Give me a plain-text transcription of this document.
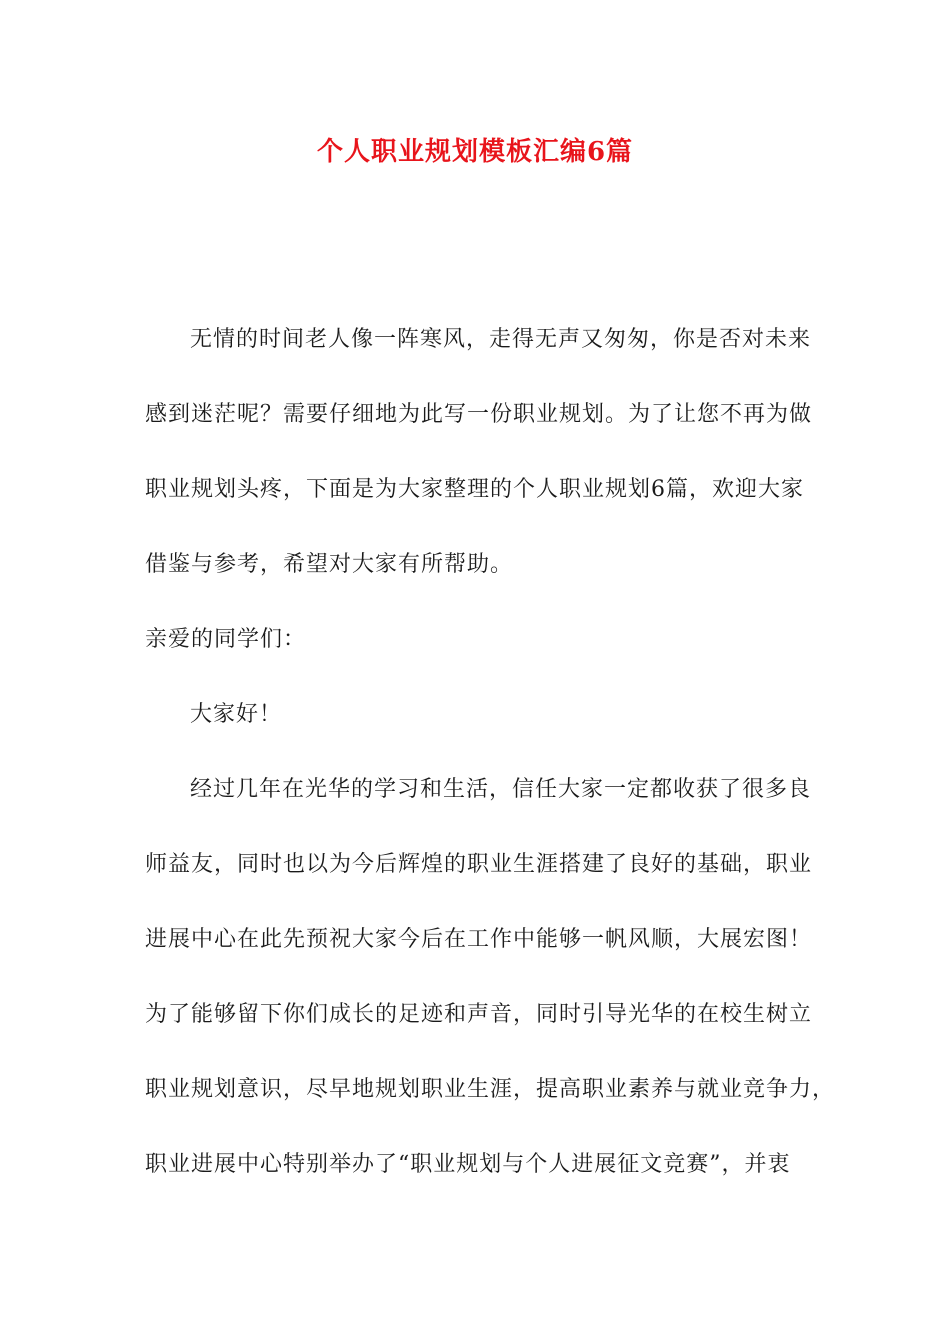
个人职业规划模板汇编6篇
无情的时间老人像一阵寒风，走得无声又匆匆，你是否对未来
感到迷茫呢？需要仔细地为此写一份职业规划。为了让您不再为做
职业规划头疼，下面是为大家整理的个人职业规划6篇，欢迎大家
借鉴与参考，希望对大家有所帮助。
亲爱的同学们：
大家好！
经过几年在光华的学习和生活，信任大家一定都收获了很多良
师益友，同时也以为今后辉煌的职业生涯搭建了良好的基础，职业
进展中心在此先预祝大家今后在工作中能够一帆风顺，大展宏图！
为了能够留下你们成长的足迹和声音，同时引导光华的在校生树立
职业规划意识，尽早地规划职业生涯，提高职业素养与就业竞争力，
职业进展中心特别举办了“职业规划与个人进展征文竞赛”，并衷
